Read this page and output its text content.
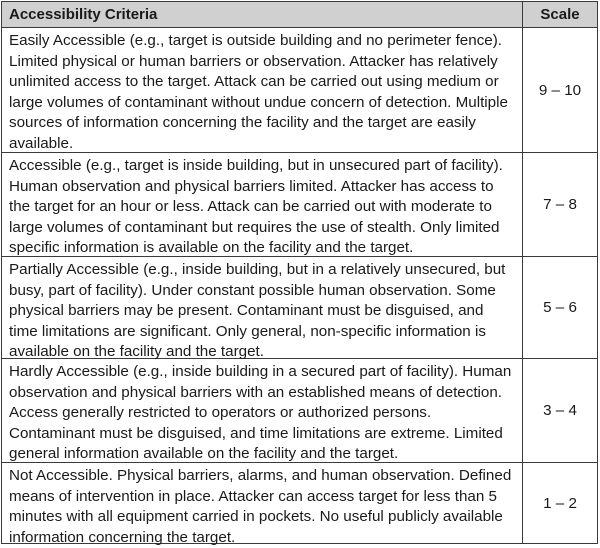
Accessibility Criteria	Scale
Easily Accessible (e.g., target is outside building and no perimeter fence). Limited physical or human barriers or observation. Attacker has relatively unlimited access to the target. Attack can be carried out using medium or large volumes of contaminant without undue concern of detection. Multiple sources of information concerning the facility and the target are easily available.
9 – 10
Accessible (e.g., target is inside building, but in unsecured part of facility). Human observation and physical barriers limited. Attacker has access to the target for an hour or less. Attack can be carried out with moderate to large volumes of contaminant but requires the use of stealth. Only limited specific information is available on the facility and the target.
7 – 8
Partially Accessible (e.g., inside building, but in a relatively unsecured, but busy, part of facility). Under constant possible human observation. Some physical barriers may be present. Contaminant must be disguised, and time limitations are significant. Only general, non-specific information is available on the facility and the target.
5 – 6
Hardly Accessible (e.g., inside building in a secured part of facility). Human observation and physical barriers with an established means of detection. Access generally restricted to operators or authorized persons. Contaminant must be disguised, and time limitations are extreme. Limited general information available on the facility and the target.
3 – 4
Not Accessible. Physical barriers, alarms, and human observation. Defined means of intervention in place. Attacker can access target for less than 5 minutes with all equipment carried in pockets. No useful publicly available information concerning the target.
1 – 2
